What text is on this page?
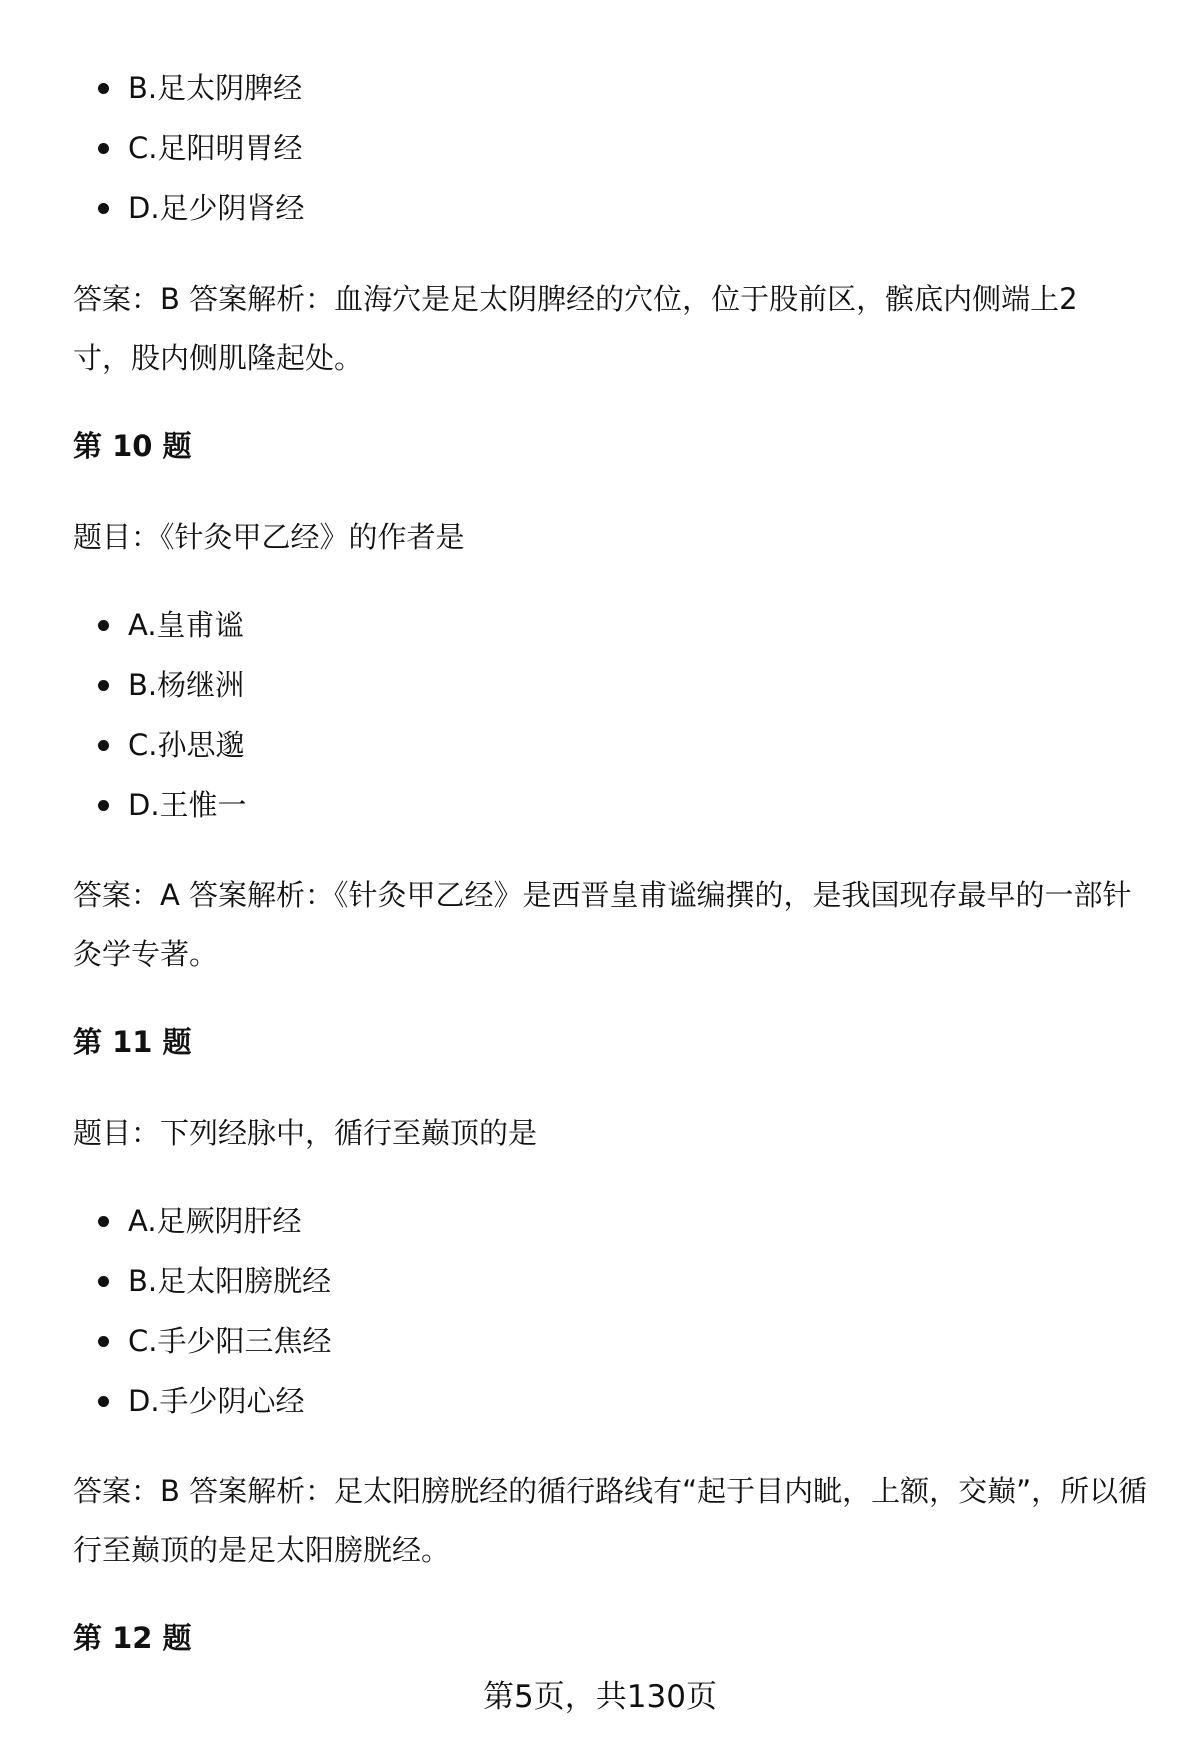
B.足太阴脾经
C.足阳明胃经
D.足少阴肾经
答案：B 答案解析：血海穴是足太阴脾经的穴位，位于股前区，髌底内侧端上2寸，股内侧肌隆起处。
第 10 题
题目：《针灸甲乙经》的作者是
A.皇甫谧
B.杨继洲
C.孙思邈
D.王惟一
答案：A 答案解析：《针灸甲乙经》是西晋皇甫谧编撰的，是我国现存最早的一部针灸学专著。
第 11 题
题目：下列经脉中，循行至巅顶的是
A.足厥阴肝经
B.足太阳膀胱经
C.手少阳三焦经
D.手少阴心经
答案：B 答案解析：足太阳膀胱经的循行路线有“起于目内眦，上额，交巅”，所以循行至巅顶的是足太阳膀胱经。
第 12 题
第5页，共130页
